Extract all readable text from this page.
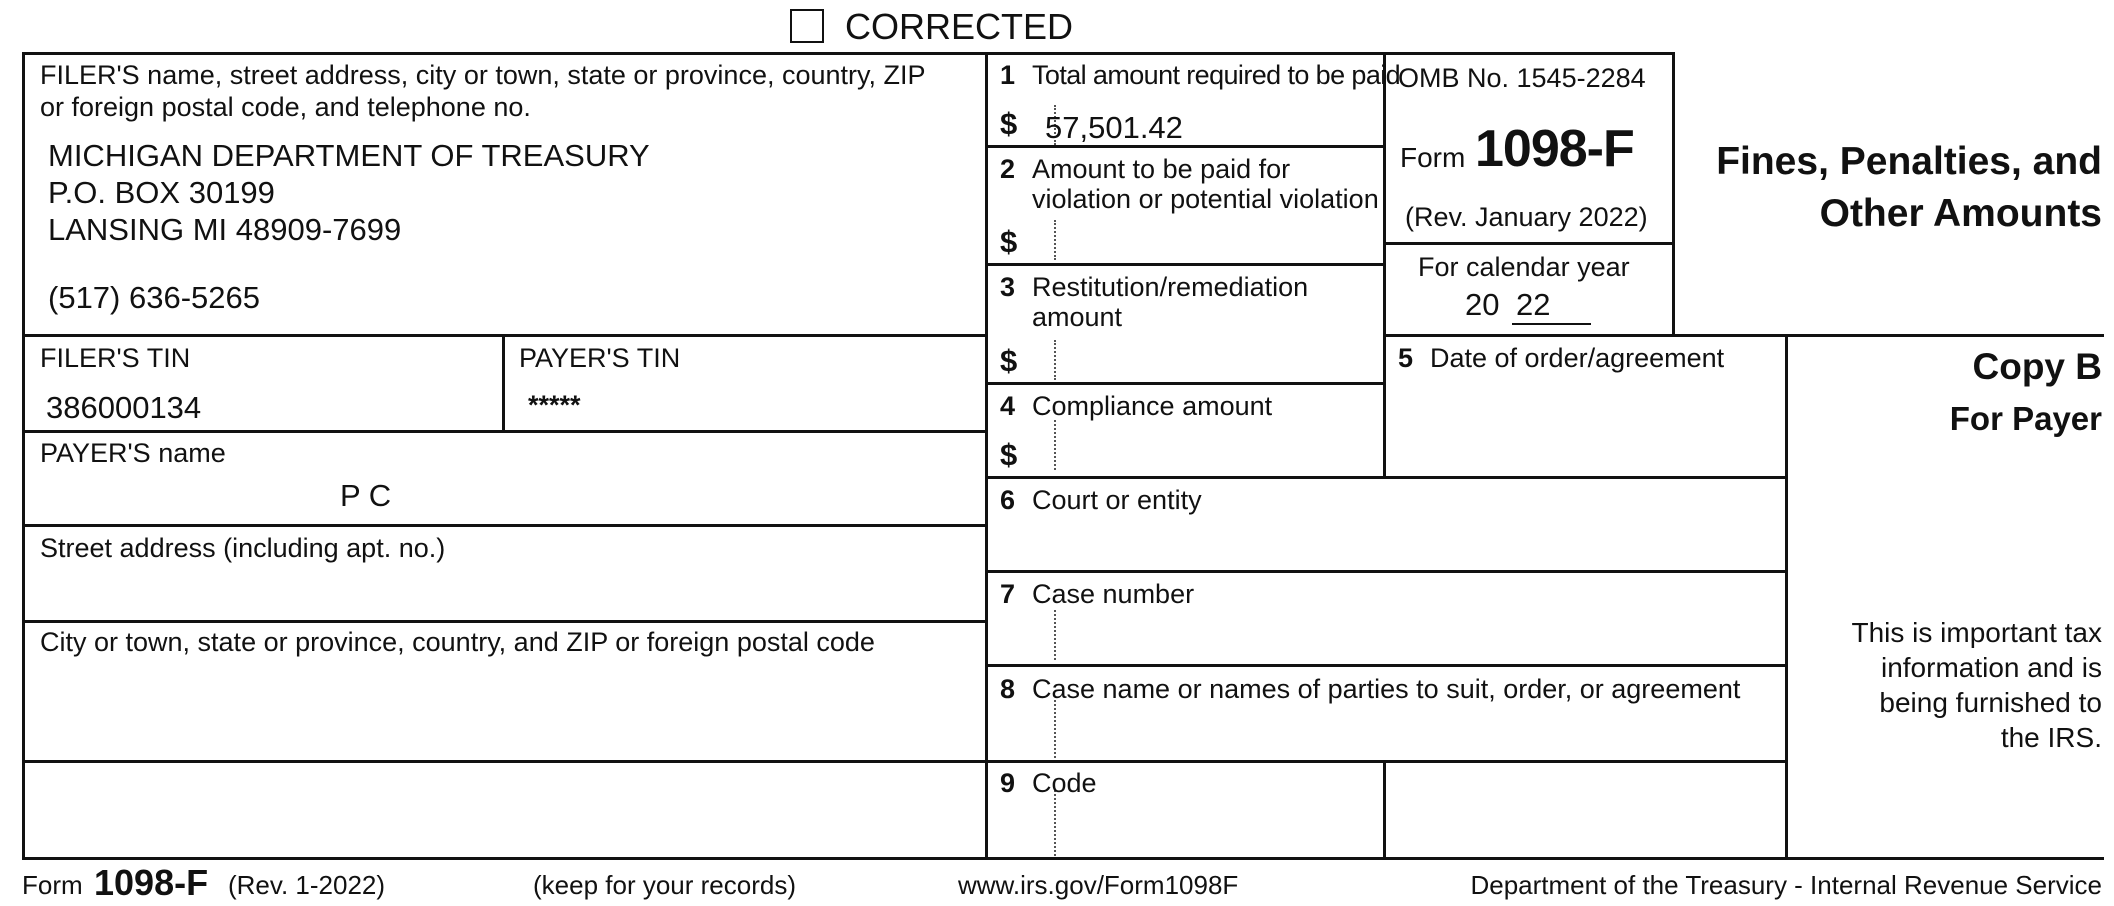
CORRECTED
FILER'S name, street address, city or town, state or province, country, ZIP
or foreign postal code, and telephone no.
MICHIGAN DEPARTMENT OF TREASURY
P.O. BOX 30199
LANSING MI 48909-7699
(517) 636-5265
FILER'S TIN
386000134
PAYER'S TIN
*****
PAYER'S name
P C
Street address (including apt. no.)
City or town, state or province, country, and ZIP or foreign postal code
1 Total amount required to be paid
$ 57,501.42
2 Amount to be paid for
violation or potential violation
$
3 Restitution/remediation
amount
$
4 Compliance amount
$
OMB No. 1545-2284
Form 1098-F
(Rev. January 2022)
For calendar year
20 22
Fines, Penalties, and
Other Amounts
5 Date of order/agreement	Copy B
For Payer
This is important tax
information and is
being furnished to
the IRS.
6 Court or entity
7 Case number
8 Case name or names of parties to suit, order, or agreement
9 Code
Form 1098-F (Rev. 1-2022)	(keep for your records)	www.irs.gov/Form1098F	Department of the Treasury - Internal Revenue Service
